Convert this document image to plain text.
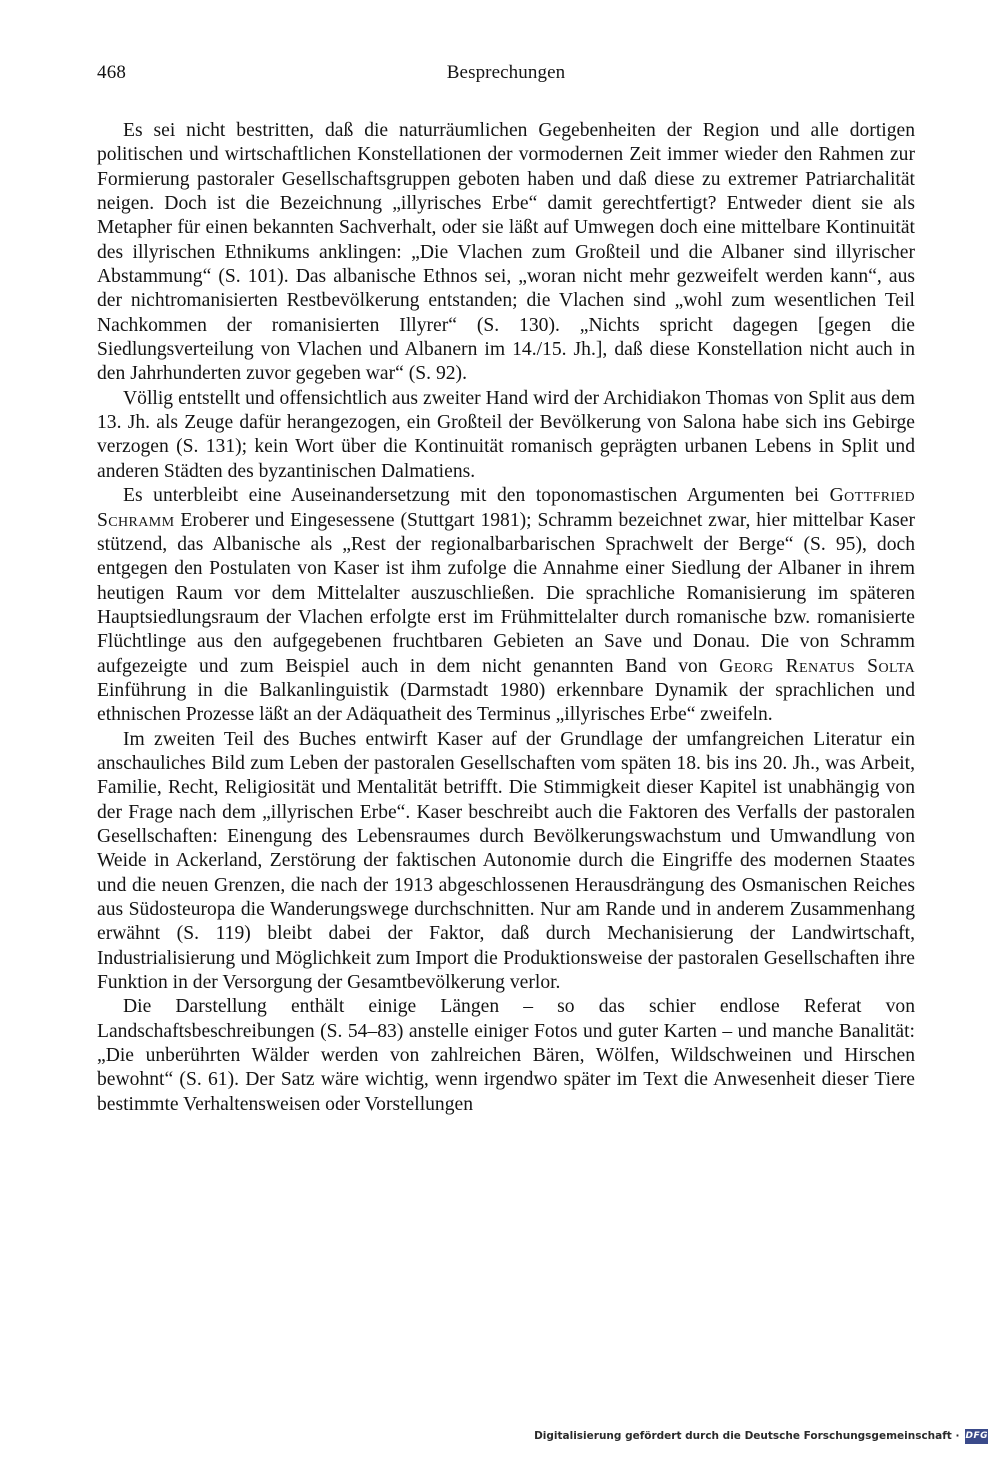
468	Besprechungen

Es sei nicht bestritten, daß die naturräumlichen Gegebenheiten der Region und alle dortigen politischen und wirtschaftlichen Konstellationen der vormodernen Zeit immer wieder den Rahmen zur Formierung pastoraler Gesellschaftsgruppen geboten haben und daß diese zu extremer Patriarchalität neigen. Doch ist die Bezeichnung „illyrisches Erbe“ damit gerechtfertigt? Entweder dient sie als Metapher für einen bekannten Sachverhalt, oder sie läßt auf Umwegen doch eine mittelbare Kontinuität des illyrischen Ethnikums anklingen: „Die Vlachen zum Großteil und die Albaner sind illyrischer Abstammung“ (S. 101). Das albanische Ethnos sei, „woran nicht mehr gezweifelt werden kann“, aus der nichtromanisierten Restbevölkerung entstanden; die Vlachen sind „wohl zum wesentlichen Teil Nachkommen der romanisierten Illyrer“ (S. 130). „Nichts spricht dagegen [gegen die Siedlungsverteilung von Vlachen und Albanern im 14./15. Jh.], daß diese Konstellation nicht auch in den Jahrhunderten zuvor gegeben war“ (S. 92).

Völlig entstellt und offensichtlich aus zweiter Hand wird der Archidiakon Thomas von Split aus dem 13. Jh. als Zeuge dafür herangezogen, ein Großteil der Bevölkerung von Salona habe sich ins Gebirge verzogen (S. 131); kein Wort über die Kontinuität romanisch geprägten urbanen Lebens in Split und anderen Städten des byzantinischen Dalmatiens.

Es unterbleibt eine Auseinandersetzung mit den toponomastischen Argumenten bei Gottfried Schramm Eroberer und Eingesessene (Stuttgart 1981); Schramm bezeichnet zwar, hier mittelbar Kaser stützend, das Albanische als „Rest der regionalbarbarischen Sprachwelt der Berge“ (S. 95), doch entgegen den Postulaten von Kaser ist ihm zufolge die Annahme einer Siedlung der Albaner in ihrem heutigen Raum vor dem Mittelalter auszuschließen. Die sprachliche Romanisierung im späteren Hauptsiedlungsraum der Vlachen erfolgte erst im Frühmittelalter durch romanische bzw. romanisierte Flüchtlinge aus den aufgegebenen fruchtbaren Gebieten an Save und Donau. Die von Schramm aufgezeigte und zum Beispiel auch in dem nicht genannten Band von Georg Renatus Solta Einführung in die Balkanlinguistik (Darmstadt 1980) erkennbare Dynamik der sprachlichen und ethnischen Prozesse läßt an der Adäquatheit des Terminus „illyrisches Erbe“ zweifeln.

Im zweiten Teil des Buches entwirft Kaser auf der Grundlage der umfangreichen Literatur ein anschauliches Bild zum Leben der pastoralen Gesellschaften vom späten 18. bis ins 20. Jh., was Arbeit, Familie, Recht, Religiosität und Mentalität betrifft. Die Stimmigkeit dieser Kapitel ist unabhängig von der Frage nach dem „illyrischen Erbe“. Kaser beschreibt auch die Faktoren des Verfalls der pastoralen Gesellschaften: Einengung des Lebensraumes durch Bevölkerungswachstum und Umwandlung von Weide in Ackerland, Zerstörung der faktischen Autonomie durch die Eingriffe des modernen Staates und die neuen Grenzen, die nach der 1913 abgeschlossenen Herausdrängung des Osmanischen Reiches aus Südosteuropa die Wanderungswege durchschnitten. Nur am Rande und in anderem Zusammenhang erwähnt (S. 119) bleibt dabei der Faktor, daß durch Mechanisierung der Landwirtschaft, Industrialisierung und Möglichkeit zum Import die Produktionsweise der pastoralen Gesellschaften ihre Funktion in der Versorgung der Gesamtbevölkerung verlor.

Die Darstellung enthält einige Längen – so das schier endlose Referat von Landschaftsbeschreibungen (S. 54–83) anstelle einiger Fotos und guter Karten – und manche Banalität: „Die unberührten Wälder werden von zahlreichen Bären, Wölfen, Wildschweinen und Hirschen bewohnt“ (S. 61). Der Satz wäre wichtig, wenn irgendwo später im Text die Anwesenheit dieser Tiere bestimmte Verhaltensweisen oder Vorstellungen

Digitalisierung gefördert durch die Deutsche Forschungsgemeinschaft · DFG
